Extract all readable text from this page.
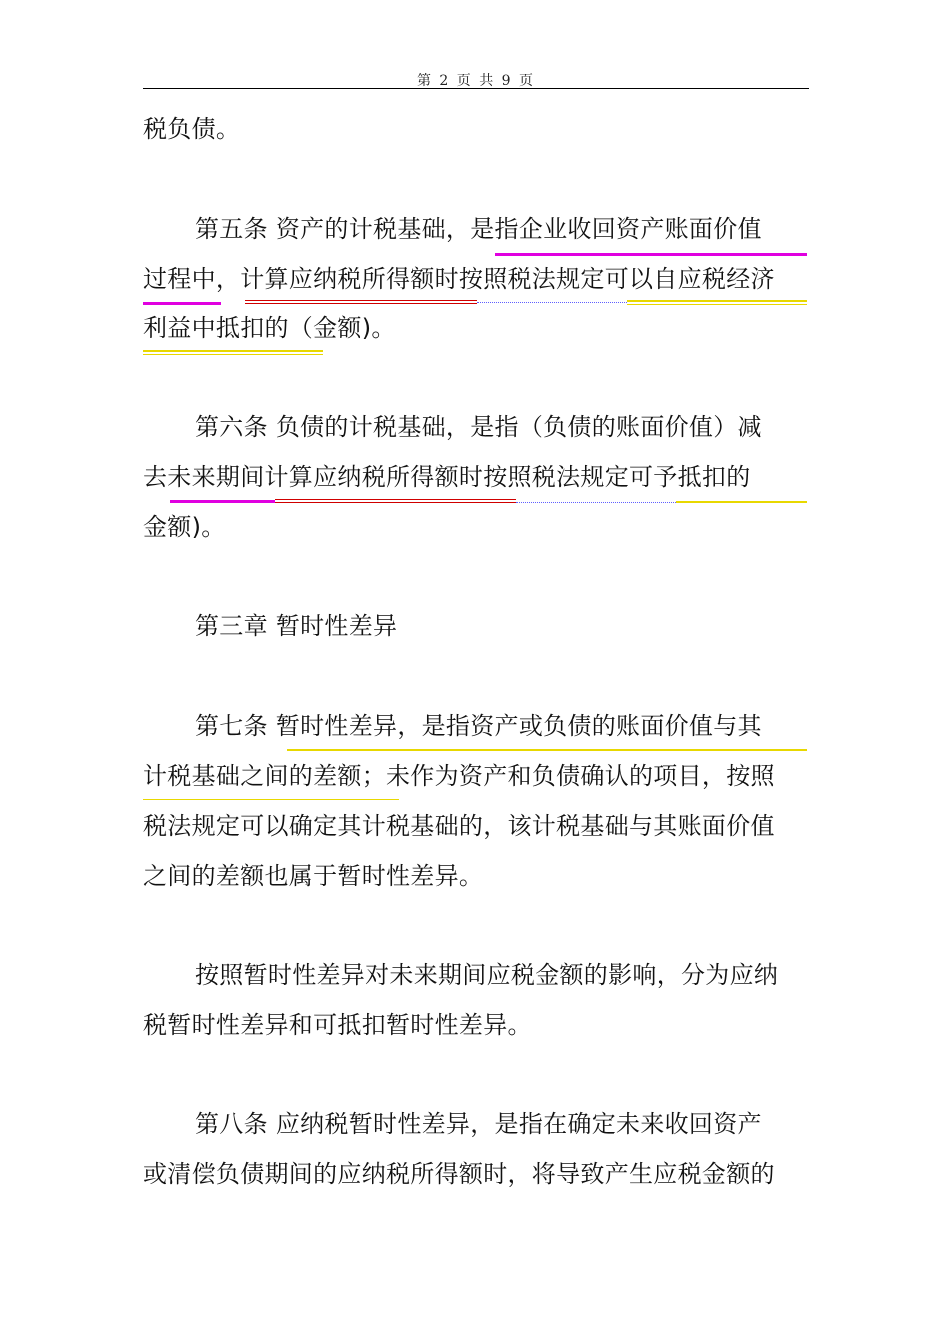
第 2 页 共 9 页
税负债。
第五条 资产的计税基础，是指企业收回资产账面价值
过程中，计算应纳税所得额时按照税法规定可以自应税经济
利益中抵扣的（金额)。
第六条 负债的计税基础，是指（负债的账面价值）减
去未来期间计算应纳税所得额时按照税法规定可予抵扣的
金额)。
第三章 暂时性差异
第七条 暂时性差异，是指资产或负债的账面价值与其
计税基础之间的差额；未作为资产和负债确认的项目，按照
税法规定可以确定其计税基础的，该计税基础与其账面价值
之间的差额也属于暂时性差异。
按照暂时性差异对未来期间应税金额的影响，分为应纳
税暂时性差异和可抵扣暂时性差异。
第八条 应纳税暂时性差异，是指在确定未来收回资产
或清偿负债期间的应纳税所得额时，将导致产生应税金额的
